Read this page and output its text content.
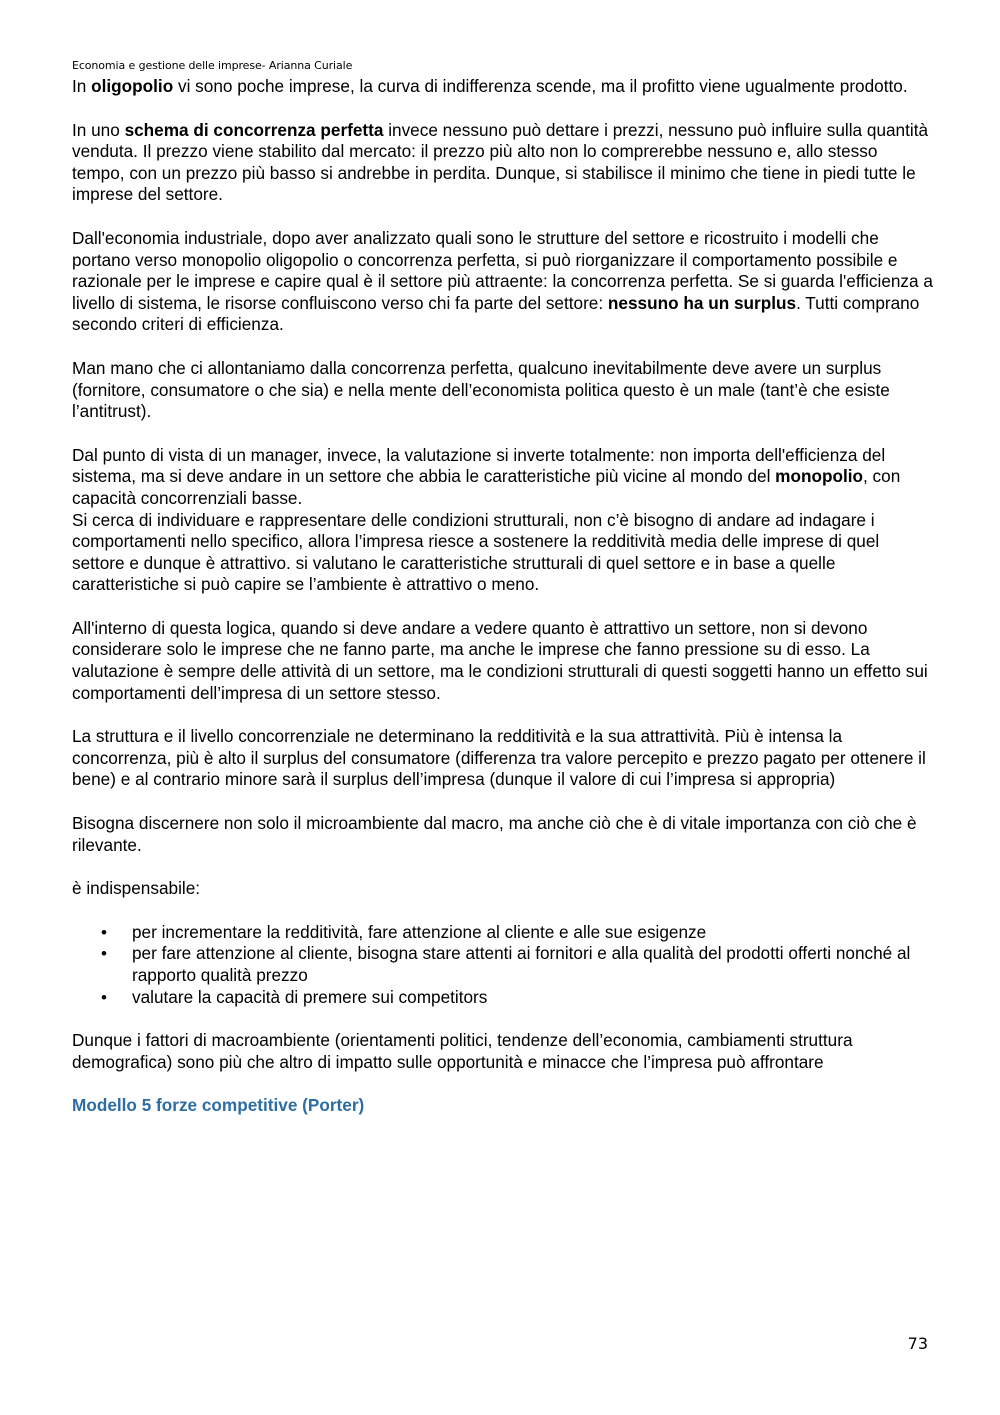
Economia e gestione delle imprese- Arianna Curiale

In oligopolio vi sono poche imprese, la curva di indifferenza scende, ma il profitto viene ugualmente prodotto.

In uno schema di concorrenza perfetta invece nessuno può dettare i prezzi, nessuno può influire sulla quantità venduta. Il prezzo viene stabilito dal mercato: il prezzo più alto non lo comprerebbe nessuno e, allo stesso tempo, con un prezzo più basso si andrebbe in perdita. Dunque, si stabilisce il minimo che tiene in piedi tutte le imprese del settore.

Dall'economia industriale, dopo aver analizzato quali sono le strutture del settore e ricostruito i modelli che portano verso monopolio oligopolio o concorrenza perfetta, si può riorganizzare il comportamento possibile e razionale per le imprese e capire qual è il settore più attraente: la concorrenza perfetta. Se si guarda l'efficienza a livello di sistema, le risorse confluiscono verso chi fa parte del settore: nessuno ha un surplus. Tutti comprano secondo criteri di efficienza.

Man mano che ci allontaniamo dalla concorrenza perfetta, qualcuno inevitabilmente deve avere un surplus (fornitore, consumatore o che sia) e nella mente dell’economista politica questo è un male (tant’è che esiste l’antitrust).

Dal punto di vista di un manager, invece, la valutazione si inverte totalmente: non importa dell'efficienza del sistema, ma si deve andare in un settore che abbia le caratteristiche più vicine al mondo del monopolio, con capacità concorrenziali basse.

Si cerca di individuare e rappresentare delle condizioni strutturali, non c’è bisogno di andare ad indagare i comportamenti nello specifico, allora l’impresa riesce a sostenere la redditività media delle imprese di quel settore e dunque è attrattivo. si valutano le caratteristiche strutturali di quel settore e in base a quelle caratteristiche si può capire se l’ambiente è attrattivo o meno.

All'interno di questa logica, quando si deve andare a vedere quanto è attrattivo un settore, non si devono considerare solo le imprese che ne fanno parte, ma anche le imprese che fanno pressione su di esso. La valutazione è sempre delle attività di un settore, ma le condizioni strutturali di questi soggetti hanno un effetto sui comportamenti dell’impresa di un settore stesso.

La struttura e il livello concorrenziale ne determinano la redditività e la sua attrattività. Più è intensa la concorrenza, più è alto il surplus del consumatore (differenza tra valore percepito e prezzo pagato per ottenere il bene) e al contrario minore sarà il surplus dell’impresa (dunque il valore di cui l’impresa si appropria)

Bisogna discernere non solo il microambiente dal macro, ma anche ciò che è di vitale importanza con ciò che è rilevante.

è indispensabile:

• per incrementare la redditività, fare attenzione al cliente e alle sue esigenze
• per fare attenzione al cliente, bisogna stare attenti ai fornitori e alla qualità del prodotti offerti nonché al rapporto qualità prezzo
• valutare la capacità di premere sui competitors

Dunque i fattori di macroambiente (orientamenti politici, tendenze dell’economia, cambiamenti struttura demografica) sono più che altro di impatto sulle opportunità e minacce che l’impresa può affrontare

Modello 5 forze competitive (Porter)

73
